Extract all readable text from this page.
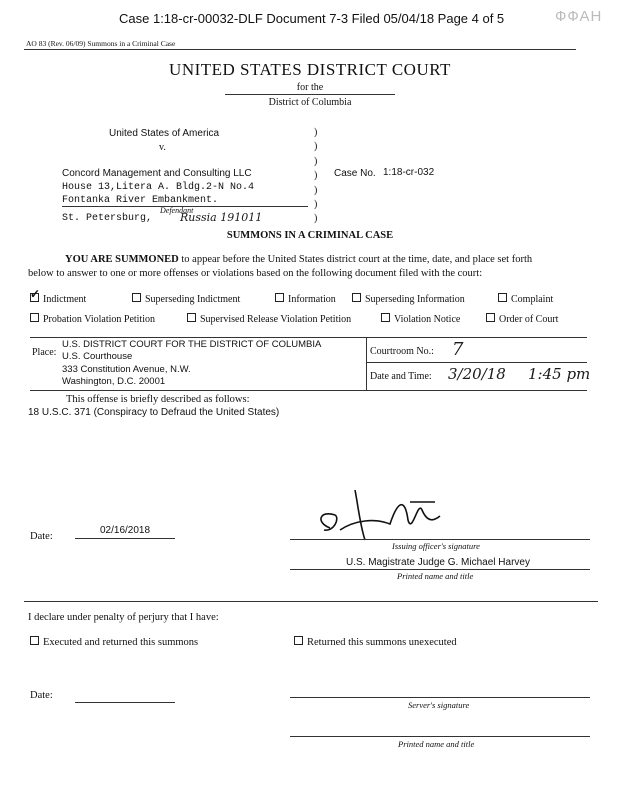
Case 1:18-cr-00032-DLF Document 7-3 Filed 05/04/18 Page 4 of 5	ФФАН
AO 83 (Rev. 06/09) Summons in a Criminal Case
UNITED STATES DISTRICT COURT
for the
District of Columbia
United States of America
v.
Concord Management and Consulting LLC
House 13,Litera A. Bldg.2-N No.4
Fontanka River Embankment.
Defendant
St. Petersburg,	Russia 191011
)
)
)
)
)
)
)
Case No. 1:18-cr-032
SUMMONS IN A CRIMINAL CASE
YOU ARE SUMMONED to appear before the United States district court at the time, date, and place set forth
below to answer to one or more offenses or violations based on the following document filed with the court:
✓Indictment	Superseding Indictment	Information	Superseding Information	Complaint
Probation Violation Petition	Supervised Release Violation Petition	Violation Notice	Order of Court
Place:
U.S. DISTRICT COURT FOR THE DISTRICT OF COLUMBIA
U.S. Courthouse
333 Constitution Avenue, N.W.
Washington, D.C. 20001
Courtroom No.: 7
Date and Time: 3/20/18 1:45 pm
This offense is briefly described as follows:
18 U.S.C. 371 (Conspiracy to Defraud the United States)
Date:
02/16/2018
Issuing officer's signature
U.S. Magistrate Judge G. Michael Harvey
Printed name and title
I declare under penalty of perjury that I have:
Executed and returned this summons	Returned this summons unexecuted
Date:
Server's signature
Printed name and title
